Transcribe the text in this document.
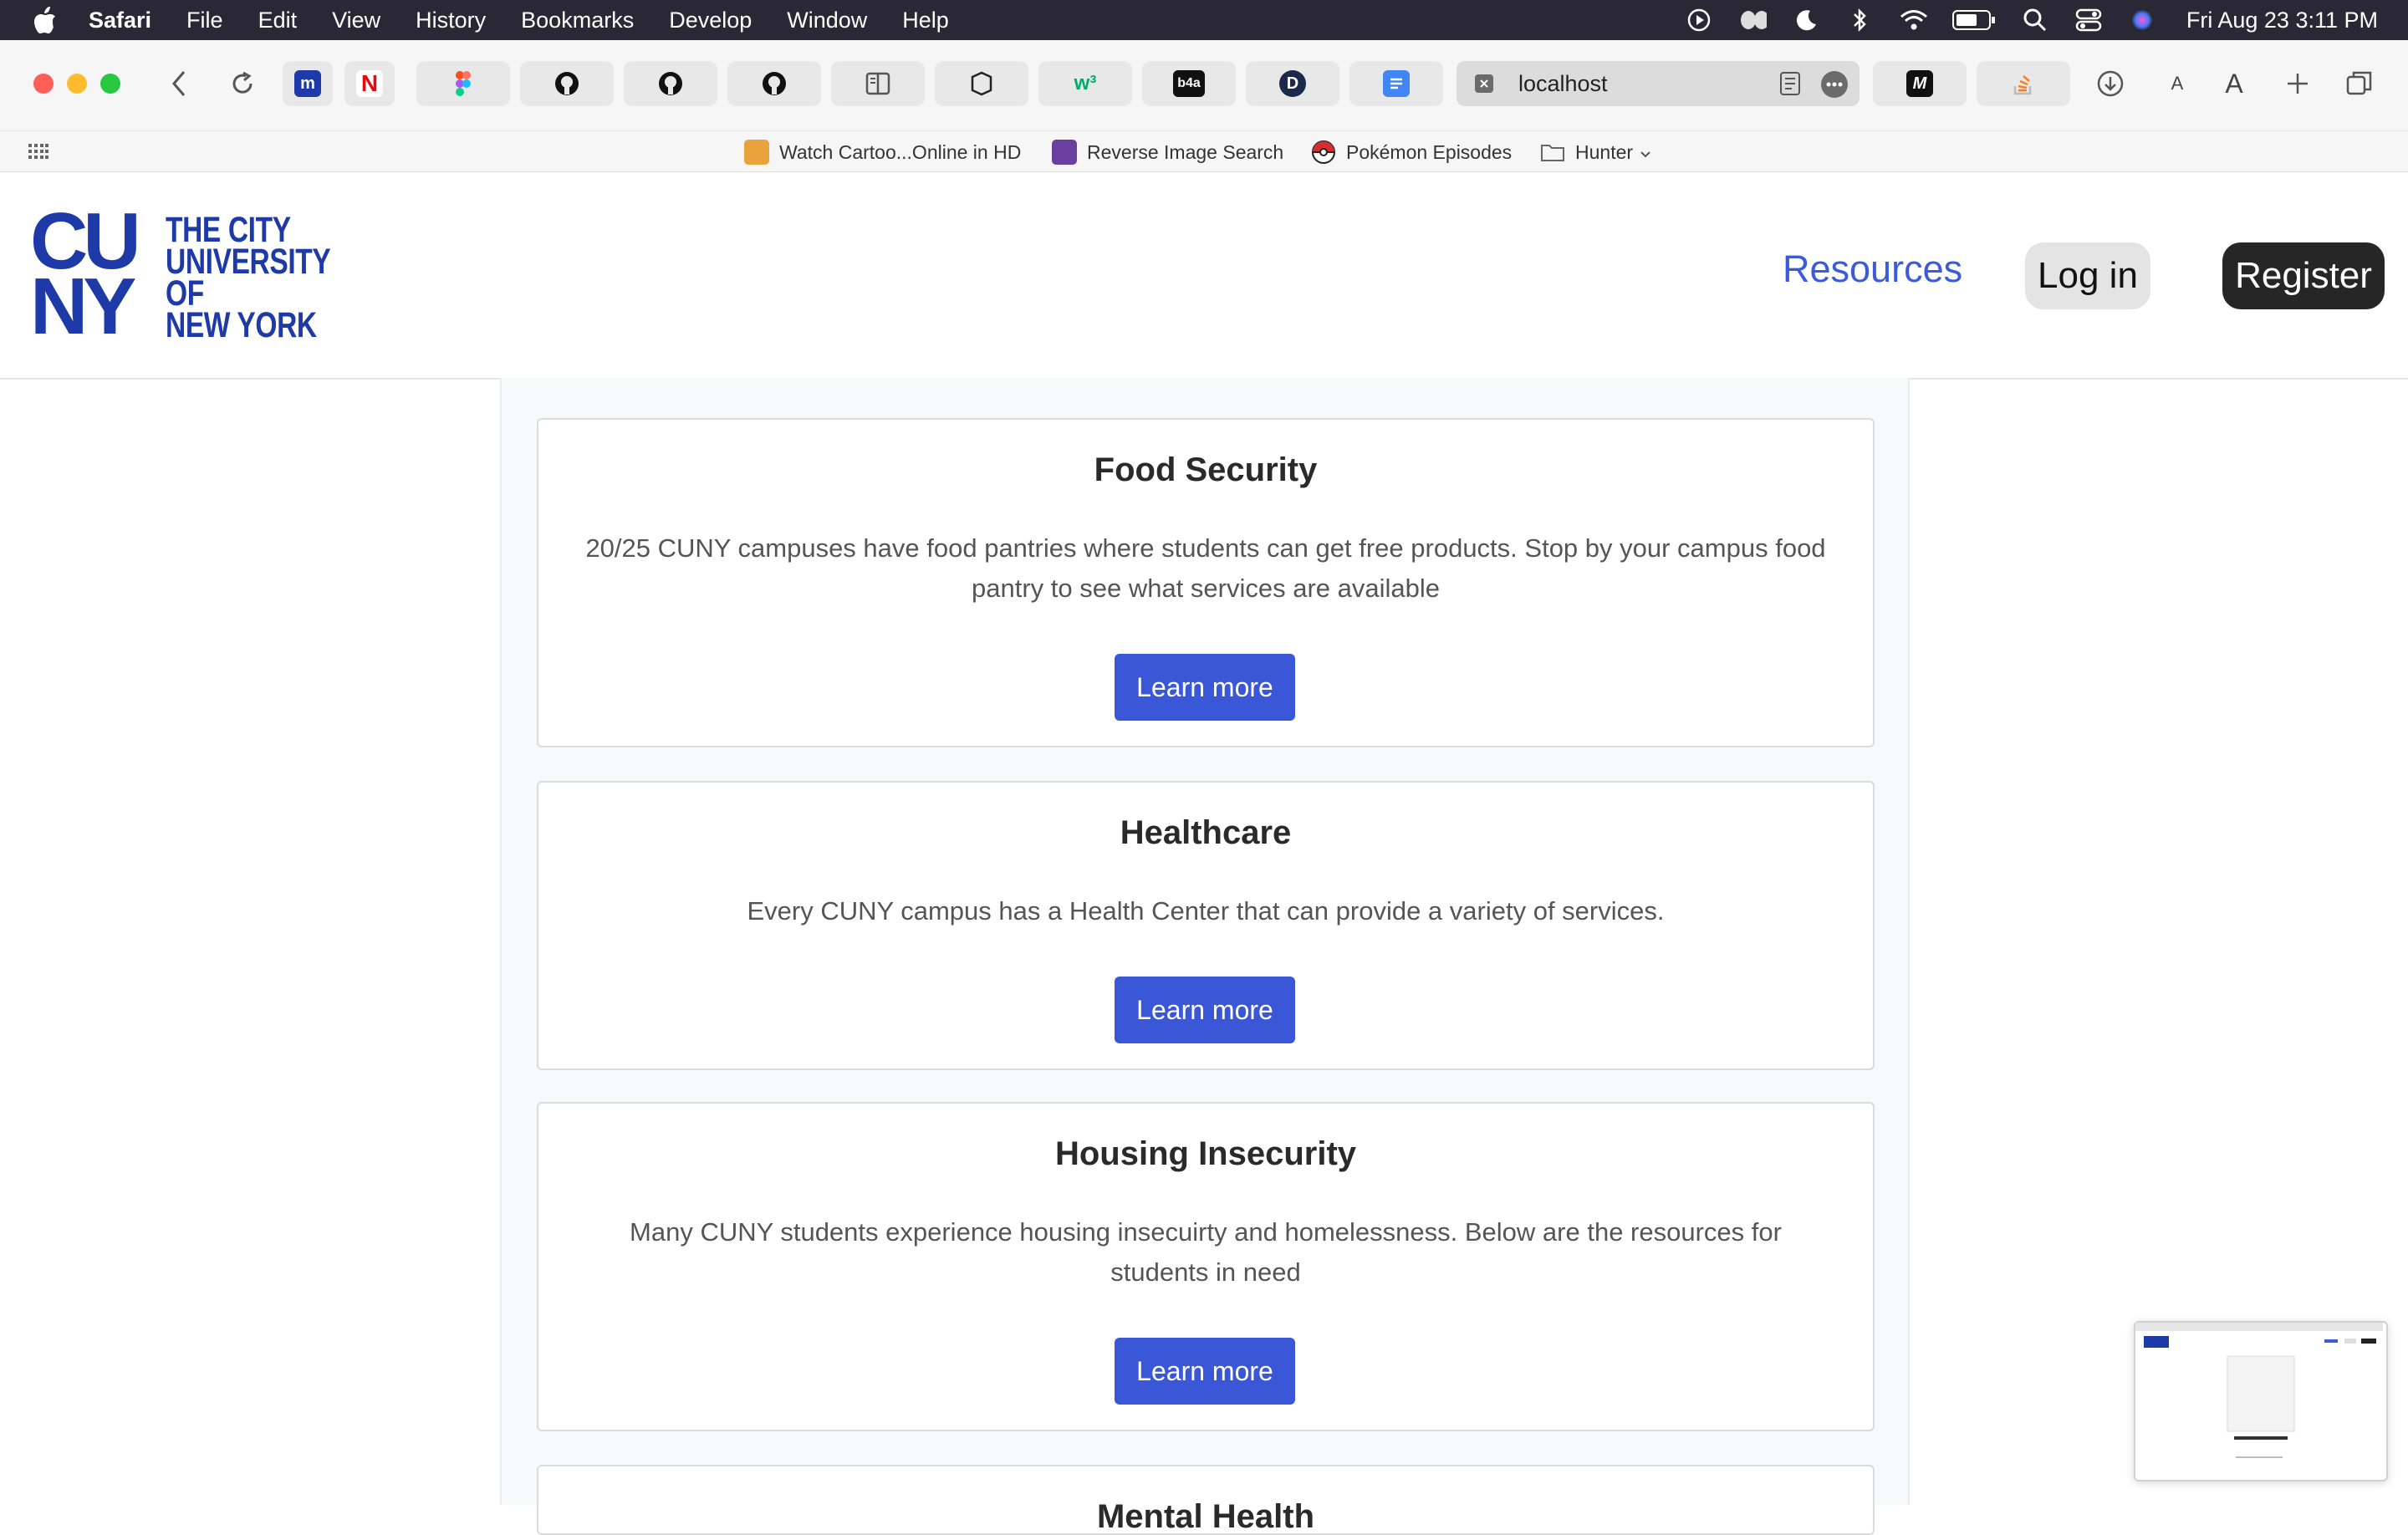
Safari File Edit View History Bookmarks Develop Window Help	Fri Aug 23 3:11 PM
m N	w³	b4a	D	localhost	M	A	A
Watch Cartoo...Online in HD	Reverse Image Search	Pokémon Episodes	Hunter
CUNY
THE CITY
UNIVERSITY
OF
NEW YORK
Resources	Log in	Register
Food Security

20/25 CUNY campuses have food pantries where students can get free products. Stop by your campus food pantry to see what services are available

Learn more
Healthcare

Every CUNY campus has a Health Center that can provide a variety of services.

Learn more
Housing Insecurity

Many CUNY students experience housing insecuirty and homelessness. Below are the resources for students in need

Learn more
Mental Health
